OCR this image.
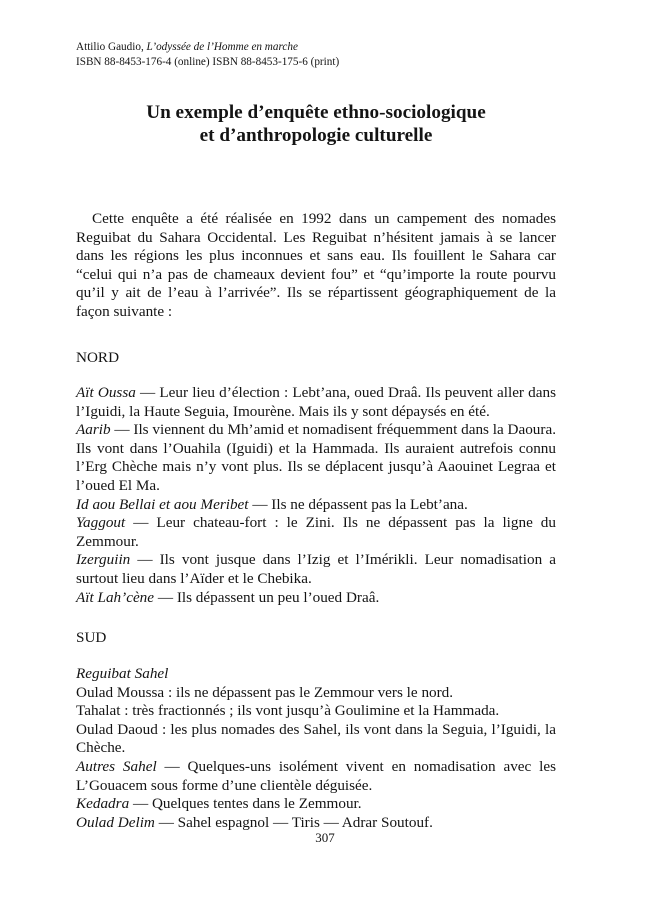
Attilio Gaudio, L’odyssée de l’Homme en marche
ISBN 88-8453-176-4 (online) ISBN 88-8453-175-6 (print)
Un exemple d’enquête ethno-sociologique
et d’anthropologie culturelle
Cette enquête a été réalisée en 1992 dans un campement des nomades Reguibat du Sahara Occidental. Les Reguibat n’hésitent jamais à se lancer dans les régions les plus inconnues et sans eau. Ils fouillent le Sahara car “celui qui n’a pas de chameaux devient fou” et “qu’importe la route pourvu qu’il y ait de l’eau à l’arrivée”. Ils se répartissent géographiquement de la façon suivante :
NORD

Aït Oussa — Leur lieu d’élection : Lebt’ana, oued Draâ. Ils peuvent aller dans l’Iguidi, la Haute Seguia, Imourène. Mais ils y sont dépaysés en été.

Aarib — Ils viennent du Mh’amid et nomadisent fréquemment dans la Daoura. Ils vont dans l’Ouahila (Iguidi) et la Hammada. Ils auraient autrefois connu l’Erg Chèche mais n’y vont plus. Ils se déplacent jusqu’à Aaouinet Legraa et l’oued El Ma.

Id aou Bellai et aou Meribet — Ils ne dépassent pas la Lebt’ana.

Yaggout — Leur chateau-fort : le Zini. Ils ne dépassent pas la ligne du Zemmour.

Izerguiin — Ils vont jusque dans l’Izig et l’Imérikli. Leur nomadisation a surtout lieu dans l’Aïder et le Chebika.

Aït Lah’cène — Ils dépassent un peu l’oued Draâ.

SUD

Reguibat Sahel

Oulad Moussa : ils ne dépassent pas le Zemmour vers le nord.

Tahalat : très fractionnés ; ils vont jusqu’à Goulimine et la Hammada.

Oulad Daoud : les plus nomades des Sahel, ils vont dans la Seguia, l’Iguidi, la Chèche.

Autres Sahel — Quelques-uns isolément vivent en nomadisation avec les L’Gouacem sous forme d’une clientèle déguisée.

Kedadra — Quelques tentes dans le Zemmour.

Oulad Delim — Sahel espagnol — Tiris — Adrar Soutouf.

307
